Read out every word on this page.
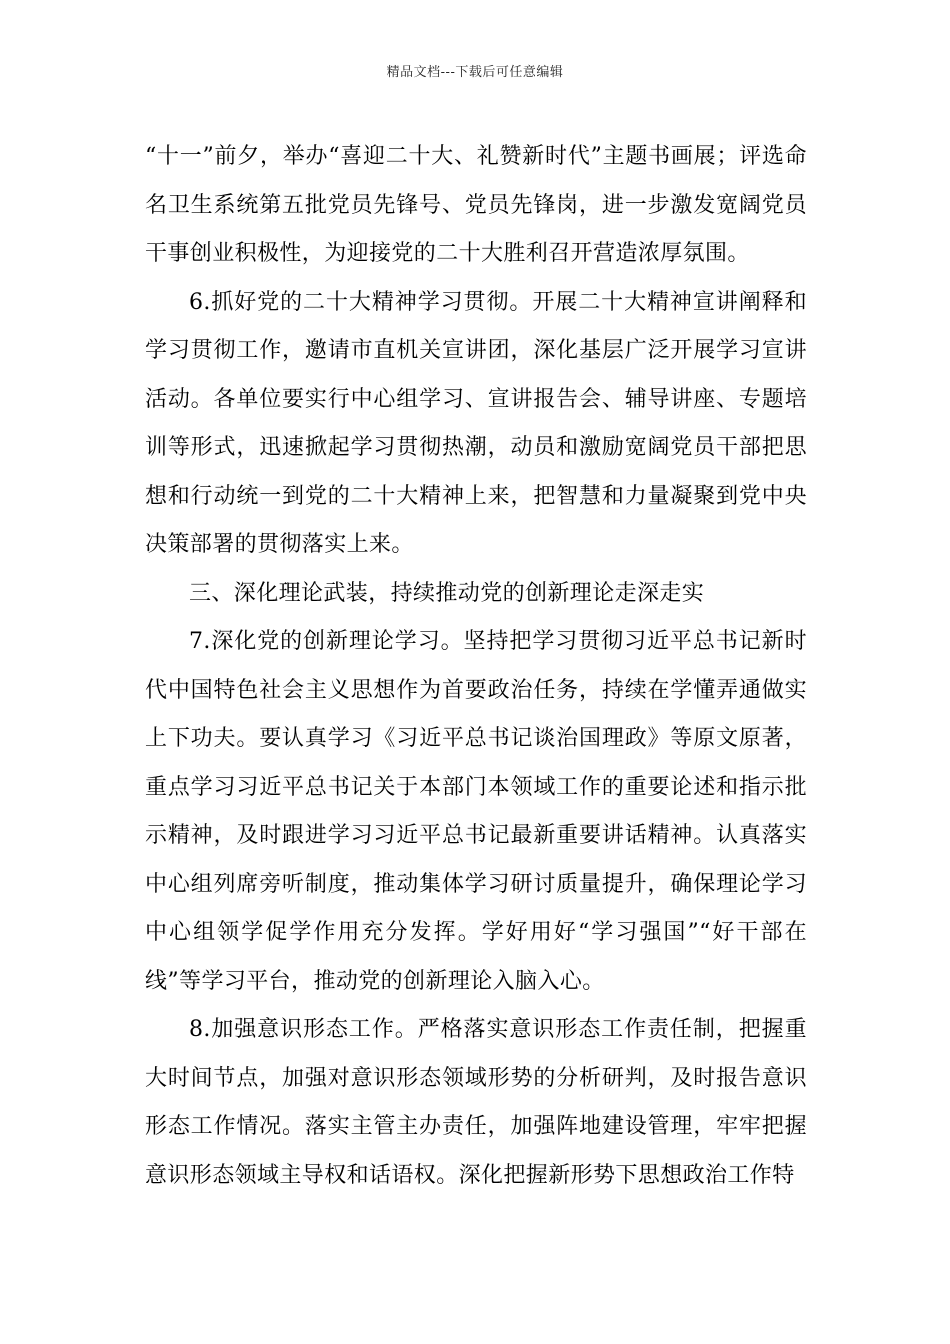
精品文档---下载后可任意编辑

“十一”前夕，举办“喜迎二十大、礼赞新时代”主题书画展；评选命名卫生系统第五批党员先锋号、党员先锋岗，进一步激发宽阔党员干事创业积极性，为迎接党的二十大胜利召开营造浓厚氛围。

6.抓好党的二十大精神学习贯彻。开展二十大精神宣讲阐释和学习贯彻工作，邀请市直机关宣讲团，深化基层广泛开展学习宣讲活动。各单位要实行中心组学习、宣讲报告会、辅导讲座、专题培训等形式，迅速掀起学习贯彻热潮，动员和激励宽阔党员干部把思想和行动统一到党的二十大精神上来，把智慧和力量凝聚到党中央决策部署的贯彻落实上来。

三、深化理论武装，持续推动党的创新理论走深走实

7.深化党的创新理论学习。坚持把学习贯彻习近平总书记新时代中国特色社会主义思想作为首要政治任务，持续在学懂弄通做实上下功夫。要认真学习《习近平总书记谈治国理政》等原文原著，重点学习习近平总书记关于本部门本领域工作的重要论述和指示批示精神，及时跟进学习习近平总书记最新重要讲话精神。认真落实中心组列席旁听制度，推动集体学习研讨质量提升，确保理论学习中心组领学促学作用充分发挥。学好用好“学习强国”“好干部在线”等学习平台，推动党的创新理论入脑入心。

8.加强意识形态工作。严格落实意识形态工作责任制，把握重大时间节点，加强对意识形态领域形势的分析研判，及时报告意识形态工作情况。落实主管主办责任，加强阵地建设管理，牢牢把握意识形态领域主导权和话语权。深化把握新形势下思想政治工作特
